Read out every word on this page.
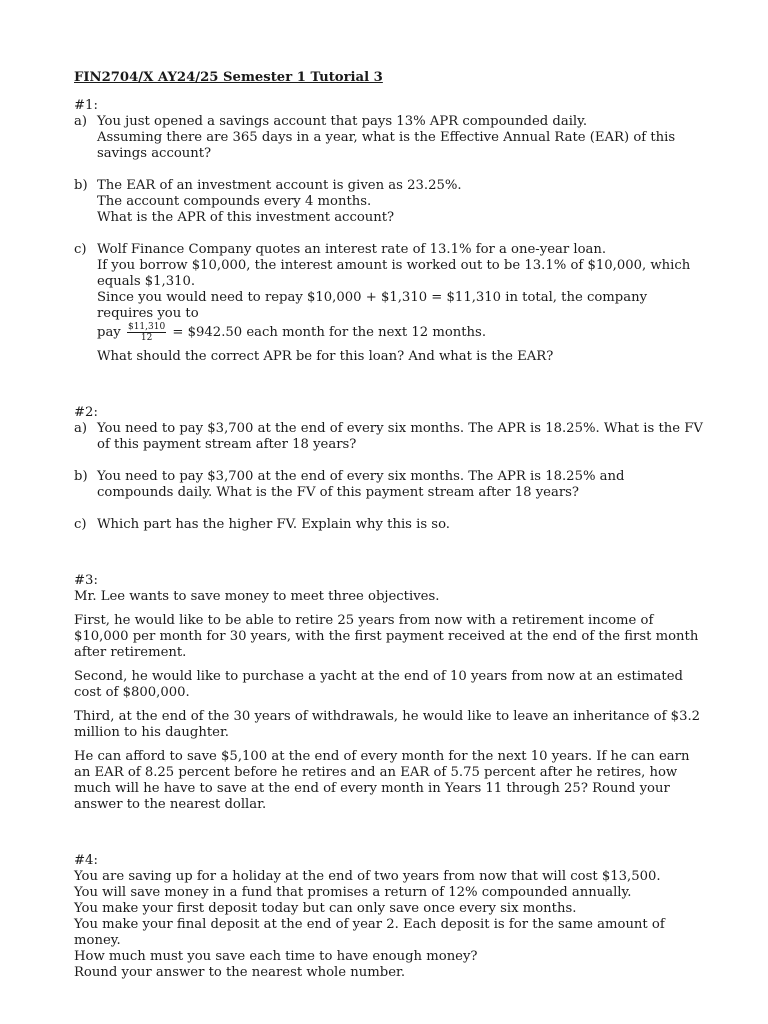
FIN2704/X AY24/25 Semester 1 Tutorial 3
#1:
a) You just opened a savings account that pays 13% APR compounded daily.
Assuming there are 365 days in a year, what is the Effective Annual Rate (EAR) of this savings account?
b) The EAR of an investment account is given as 23.25%.
The account compounds every 4 months.
What is the APR of this investment account?
c) Wolf Finance Company quotes an interest rate of 13.1% for a one-year loan.
If you borrow $10,000, the interest amount is worked out to be 13.1% of $10,000, which equals $1,310.
Since you would need to repay $10,000 + $1,310 = $11,310 in total, the company requires you to
pay $\frac{\$11,310}{12}$ = $942.50 each month for the next 12 months.
What should the correct APR be for this loan? And what is the EAR?
#2:
a) You need to pay $3,700 at the end of every six months. The APR is 18.25%. What is the FV of this payment stream after 18 years?
b) You need to pay $3,700 at the end of every six months. The APR is 18.25% and compounds daily. What is the FV of this payment stream after 18 years?
c) Which part has the higher FV. Explain why this is so.
#3:
Mr. Lee wants to save money to meet three objectives.
First, he would like to be able to retire 25 years from now with a retirement income of $10,000 per month for 30 years, with the first payment received at the end of the first month after retirement.
Second, he would like to purchase a yacht at the end of 10 years from now at an estimated cost of $800,000.
Third, at the end of the 30 years of withdrawals, he would like to leave an inheritance of $3.2 million to his daughter.
He can afford to save $5,100 at the end of every month for the next 10 years. If he can earn an EAR of 8.25 percent before he retires and an EAR of 5.75 percent after he retires, how much will he have to save at the end of every month in Years 11 through 25? Round your answer to the nearest dollar.
#4:
You are saving up for a holiday at the end of two years from now that will cost $13,500.
You will save money in a fund that promises a return of 12% compounded annually.
You make your first deposit today but can only save once every six months.
You make your final deposit at the end of year 2. Each deposit is for the same amount of money.
How much must you save each time to have enough money?
Round your answer to the nearest whole number.
